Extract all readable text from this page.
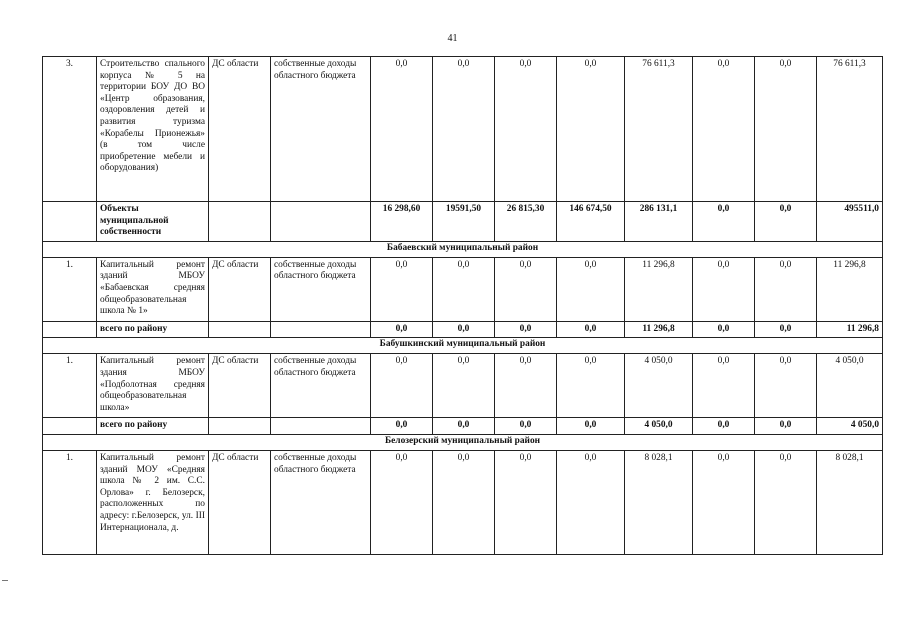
41
3.	Строительство спального корпуса № 5 на территории БОУ ДО ВО «Центр образования, оздоровления детей и развития туризма «Корабелы Прионежья» (в том числе приобретение мебели и оборудования)	ДС области	собственные доходы областного бюджета	0,0	0,0	0,0	0,0	76 611,3	0,0	0,0	76 611,3
	Объекты муниципальной собственности			16 298,60	19591,50	26 815,30	146 674,50	286 131,1	0,0	0,0	495511,0
Бабаевский муниципальный район											
1.	Капитальный ремонт зданий МБОУ «Бабаевская средняя общеобразовательная школа № 1»	ДС области	собственные доходы областного бюджета	0,0	0,0	0,0	0,0	11 296,8	0,0	0,0	11 296,8
	всего по району			0,0	0,0	0,0	0,0	11 296,8	0,0	0,0	11 296,8
Бабушкинский муниципальный район											
1.	Капитальный ремонт здания МБОУ «Подболотная средняя общеобразовательная школа»	ДС области	собственные доходы областного бюджета	0,0	0,0	0,0	0,0	4 050,0	0,0	0,0	4 050,0
	всего по району			0,0	0,0	0,0	0,0	4 050,0	0,0	0,0	4 050,0
Белозерский муниципальный район											
1.	Капитальный ремонт зданий МОУ «Средняя школа № 2 им. С.С. Орлова» г. Белозерск, расположенных по адресу: г.Белозерск, ул. III Интернационала, д.	ДС области	собственные доходы областного бюджета	0,0	0,0	0,0	0,0	8 028,1	0,0	0,0	8 028,1
